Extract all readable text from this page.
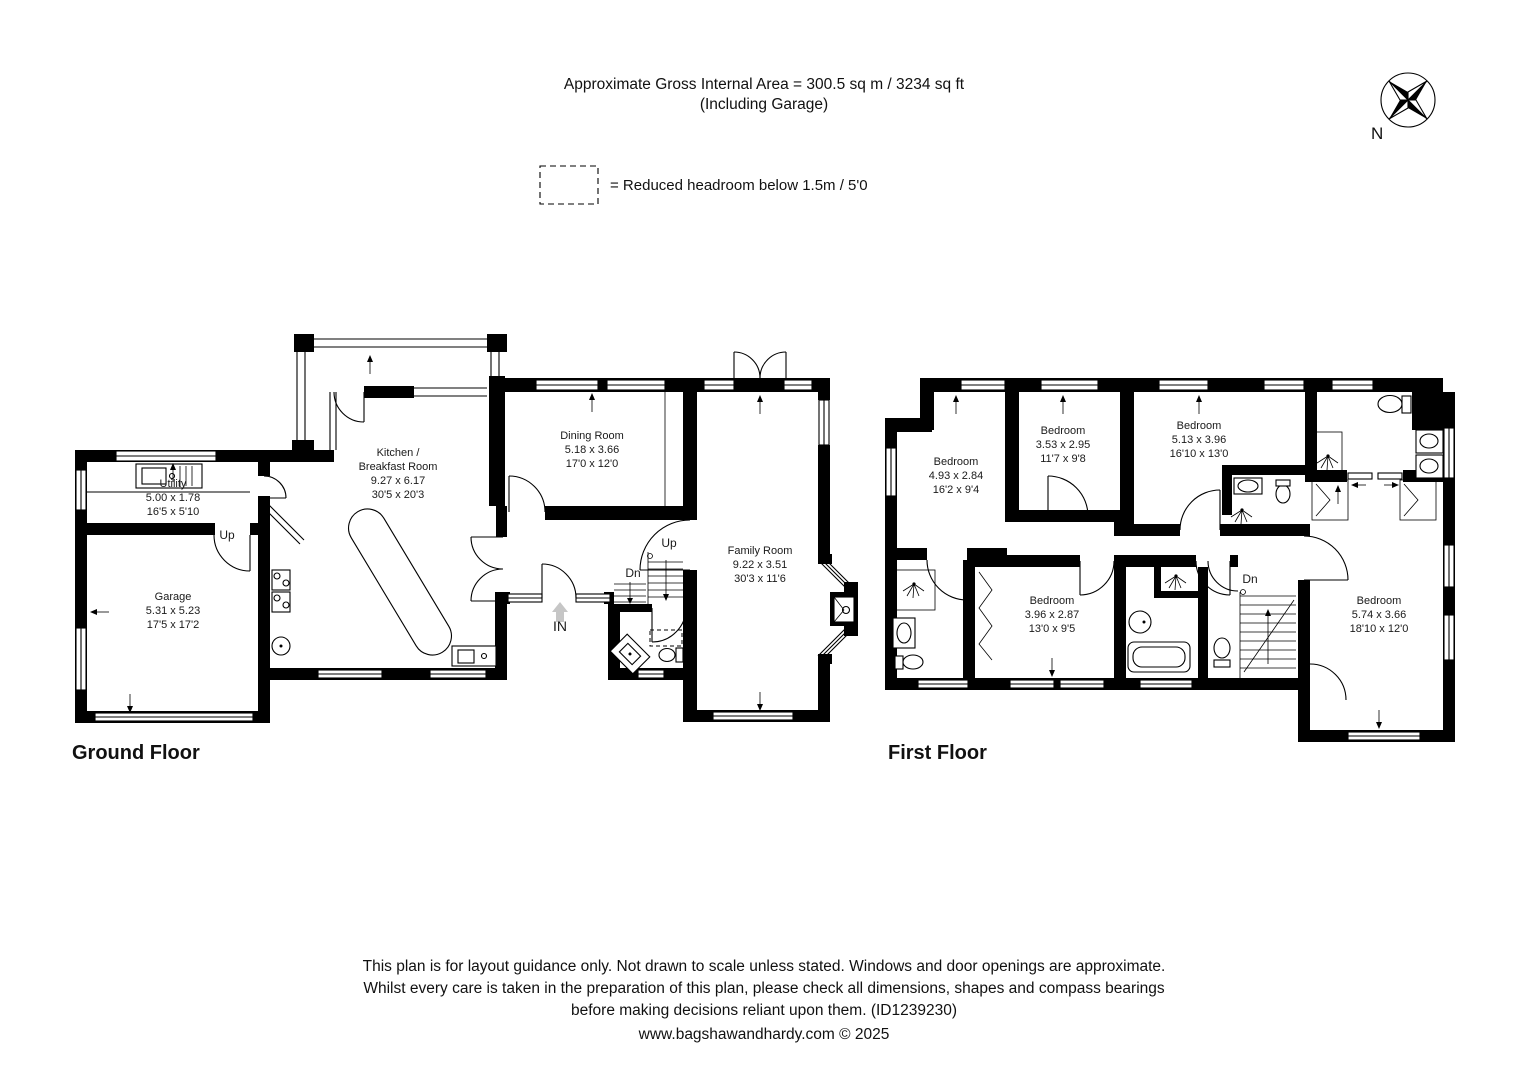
Approximate Gross Internal Area = 300.5 sq m / 3234 sq ft
(Including Garage)
= Reduced headroom below 1.5m / 5'0
N
Utility
5.00 x 1.78
16'5 x 5'10
Garage
5.31 x 5.23
17'5 x 17'2
Kitchen /
Breakfast Room
9.27 x 6.17
30'5 x 20'3
Dining Room
5.18 x 3.66
17'0 x 12'0
Family Room
9.22 x 3.51
30'3 x 11'6
Up
Up
Dn
IN
Bedroom
4.93 x 2.84
16'2 x 9'4
Bedroom
3.53 x 2.95
11'7 x 9'8
Bedroom
5.13 x 3.96
16'10 x 13'0
Bedroom
3.96 x 2.87
13'0 x 9'5
Bedroom
5.74 x 3.66
18'10 x 12'0
Dn
Ground Floor	First Floor
This plan is for layout guidance only. Not drawn to scale unless stated. Windows and door openings are approximate.
Whilst every care is taken in the preparation of this plan, please check all dimensions, shapes and compass bearings
before making decisions reliant upon them. (ID1239230)
www.bagshawandhardy.com © 2025
